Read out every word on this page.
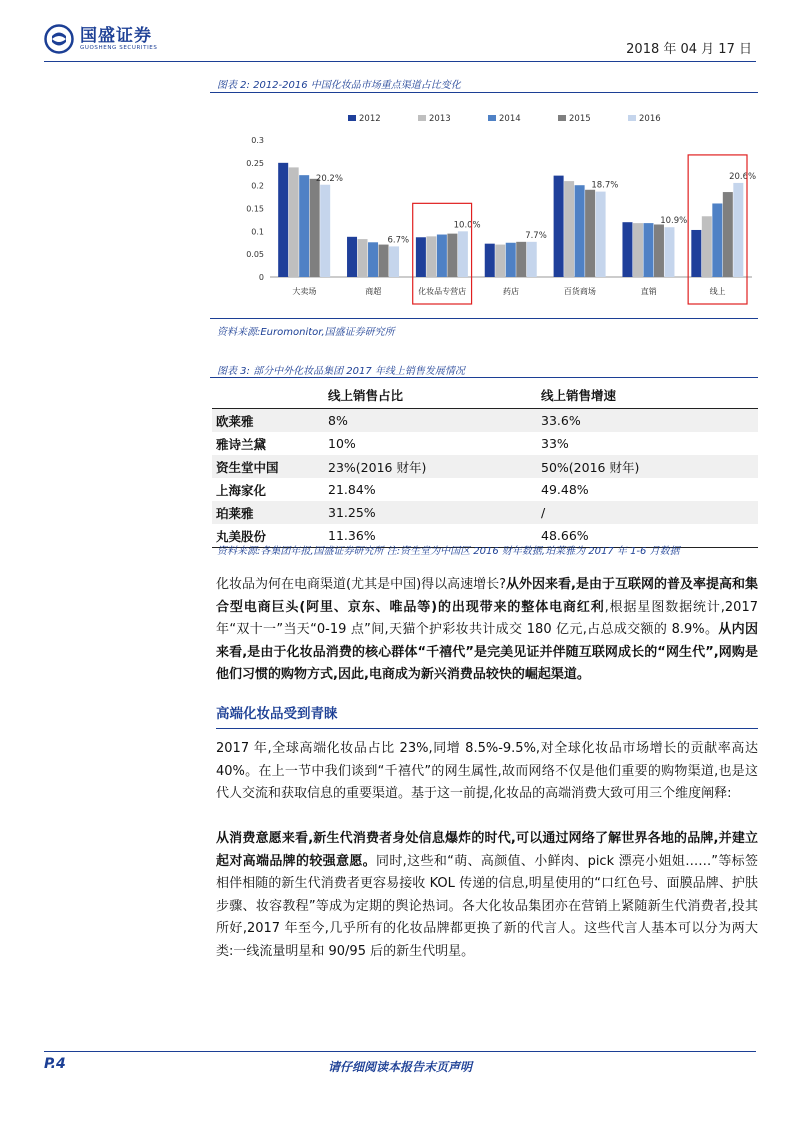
国盛证券
GUOSHENG SECURITIES	2018 年 04 月 17 日
图表 2: 2012-2016 中国化妆品市场重点渠道占比变化
2012	2013	2014	2015	2016
0
0.05
0.1
0.15
0.2
0.25
0.3
20.2%
大卖场
6.7%
商超
10.0%
化妆品专营店
7.7%
药店
18.7%
百货商场
10.9%
直销
20.6%
线上
资料来源:Euromonitor,国盛证券研究所
图表 3: 部分中外化妆品集团 2017 年线上销售发展情况
	线上销售占比	线上销售增速
欧莱雅	8%	33.6%
雅诗兰黛	10%	33%
资生堂中国	23%(2016 财年)	50%(2016 财年)
上海家化	21.84%	49.48%
珀莱雅	31.25%	/
丸美股份	11.36%	48.66%
资料来源:各集团年报,国盛证券研究所 注:资生堂为中国区 2016 财年数据,珀莱雅为 2017 年 1-6 月数据
化妆品为何在电商渠道(尤其是中国)得以高速增长?从外因来看,是由于互联网的普及率提高和集合型电商巨头(阿里、京东、唯品等)的出现带来的整体电商红利,根据星图数据统计,2017 年“双十一”当天“0-19 点”间,天猫个护彩妆共计成交 180 亿元,占总成交额的 8.9%。从内因来看,是由于化妆品消费的核心群体“千禧代”是完美见证并伴随互联网成长的“网生代”,网购是他们习惯的购物方式,因此,电商成为新兴消费品较快的崛起渠道。
高端化妆品受到青睐
2017 年,全球高端化妆品占比 23%,同增 8.5%-9.5%,对全球化妆品市场增长的贡献率高达 40%。在上一节中我们谈到“千禧代”的网生属性,故而网络不仅是他们重要的购物渠道,也是这代人交流和获取信息的重要渠道。基于这一前提,化妆品的高端消费大致可用三个维度阐释:
从消费意愿来看,新生代消费者身处信息爆炸的时代,可以通过网络了解世界各地的品牌,并建立起对高端品牌的较强意愿。同时,这些和“萌、高颜值、小鲜肉、pick 漂亮小姐姐……”等标签相伴相随的新生代消费者更容易接收 KOL 传递的信息,明星使用的“口红色号、面膜品牌、护肤步骤、妆容教程”等成为定期的舆论热词。各大化妆品集团亦在营销上紧随新生代消费者,投其所好,2017 年至今,几乎所有的化妆品牌都更换了新的代言人。这些代言人基本可以分为两大类:一线流量明星和 90/95 后的新生代明星。
P.4	请仔细阅读本报告末页声明
